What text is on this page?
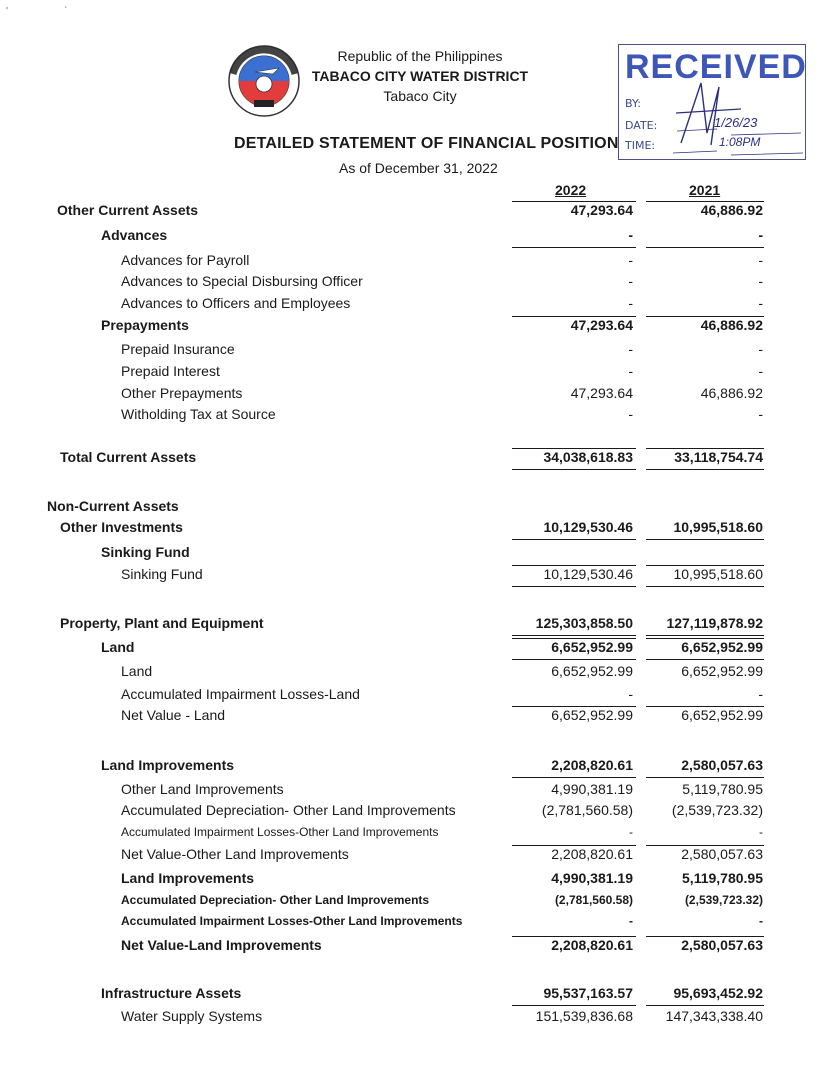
'	`
Republic of the Philippines
TABACO CITY WATER DISTRICT
Tabaco City
DETAILED STATEMENT OF FINANCIAL POSITION
As of December 31, 2022
RECEIVED
BY:
DATE:
TIME:
1/26/23
1:08PM
2022	2021
Other Current Assets	47,293.64	46,886.92
Advances	-	-
Advances for Payroll	-	-
Advances to Special Disbursing Officer	-	-
Advances to Officers and Employees	-	-
Prepayments	47,293.64	46,886.92
Prepaid Insurance	-	-
Prepaid Interest	-	-
Other Prepayments	47,293.64	46,886.92
Witholding Tax at Source	-	-
Total Current Assets	34,038,618.83	33,118,754.74
Non-Current Assets
Other Investments	10,129,530.46	10,995,518.60
Sinking Fund
Sinking Fund	10,129,530.46	10,995,518.60
Property, Plant and Equipment	125,303,858.50	127,119,878.92
Land	6,652,952.99	6,652,952.99
Land	6,652,952.99	6,652,952.99
Accumulated Impairment Losses-Land	-	-
Net Value - Land	6,652,952.99	6,652,952.99
Land Improvements	2,208,820.61	2,580,057.63
Other Land Improvements	4,990,381.19	5,119,780.95
Accumulated Depreciation- Other Land Improvements	(2,781,560.58)	(2,539,723.32)
Accumulated Impairment Losses-Other Land Improvements	-	-
Net Value-Other Land Improvements	2,208,820.61	2,580,057.63
Land Improvements	4,990,381.19	5,119,780.95
Accumulated Depreciation- Other Land Improvements	(2,781,560.58)	(2,539,723.32)
Accumulated Impairment Losses-Other Land Improvements	-	-
Net Value-Land Improvements	2,208,820.61	2,580,057.63
Infrastructure Assets	95,537,163.57	95,693,452.92
Water Supply Systems	151,539,836.68	147,343,338.40
